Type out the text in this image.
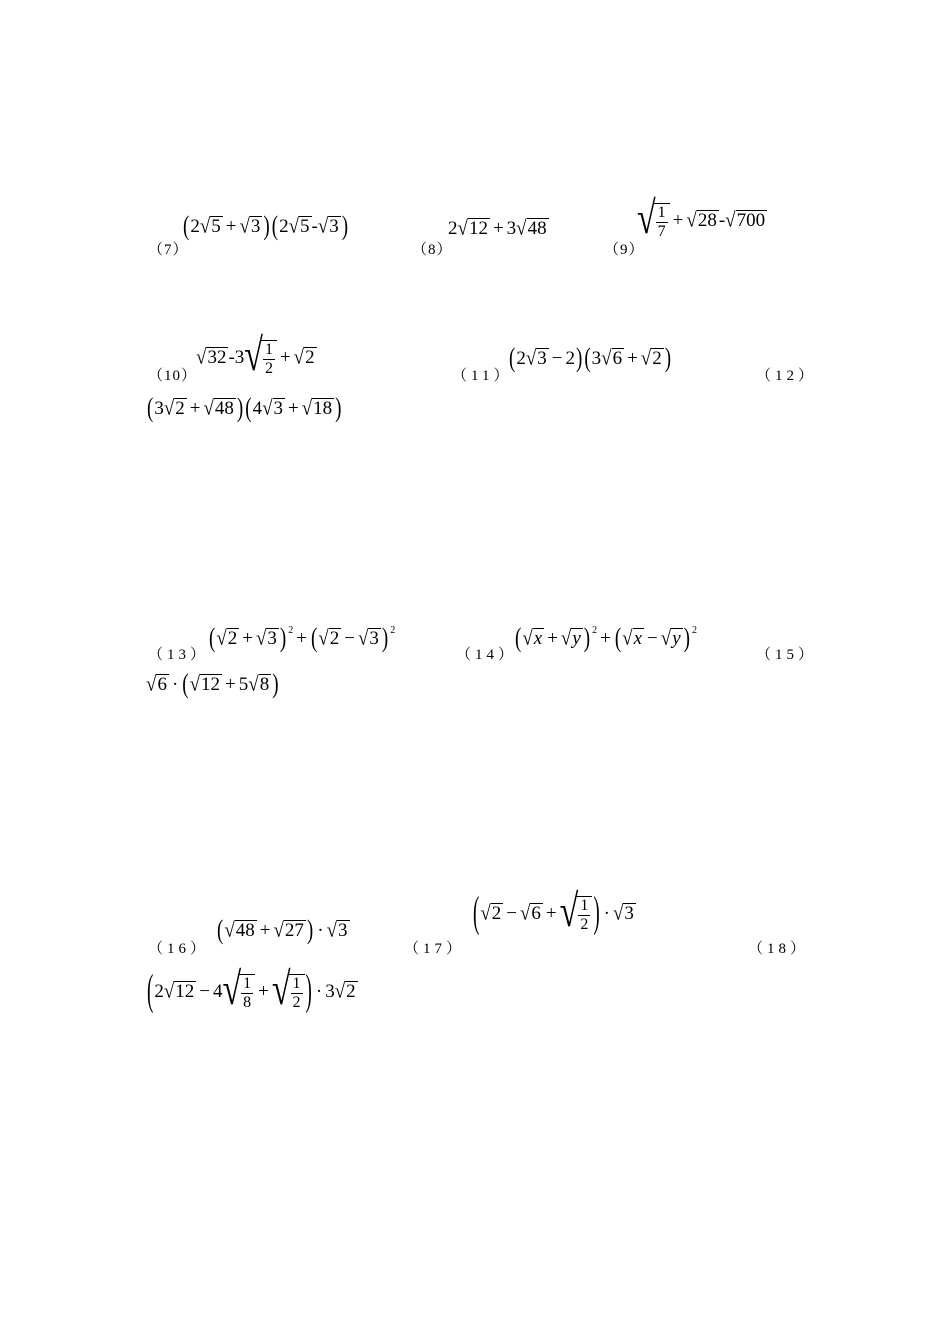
（7）
(2√5 + √3 ) (2√5 -√3 )
（8）
2√12 + 3√48
（9）
√ $\frac{1}{7} + √28$ -√700
（10）
√32 -3 √ $\frac{1}{2} + √2$
（11）
(2√3 − 2) (3√6 + √2 )
（12）
(3√2 + √48 ) (4√3 + √18 )
（13）
(√2 + √3 ) $^2$ + (√2 − √3 ) $^2$
（14）
(√x + √y ) $^2$ + (√x − √y ) $^2$
（15）
√6 · (√12 + 5√8 )
（16）
(√48 + √27 ) · √3
（17）
(√2 − √6 + √ $\frac{1}{2}$ ) · √3
（18）
(2√12 − 4 √ $\frac{1}{8}$ + √ $\frac{1}{2}$ ) · 3√2
